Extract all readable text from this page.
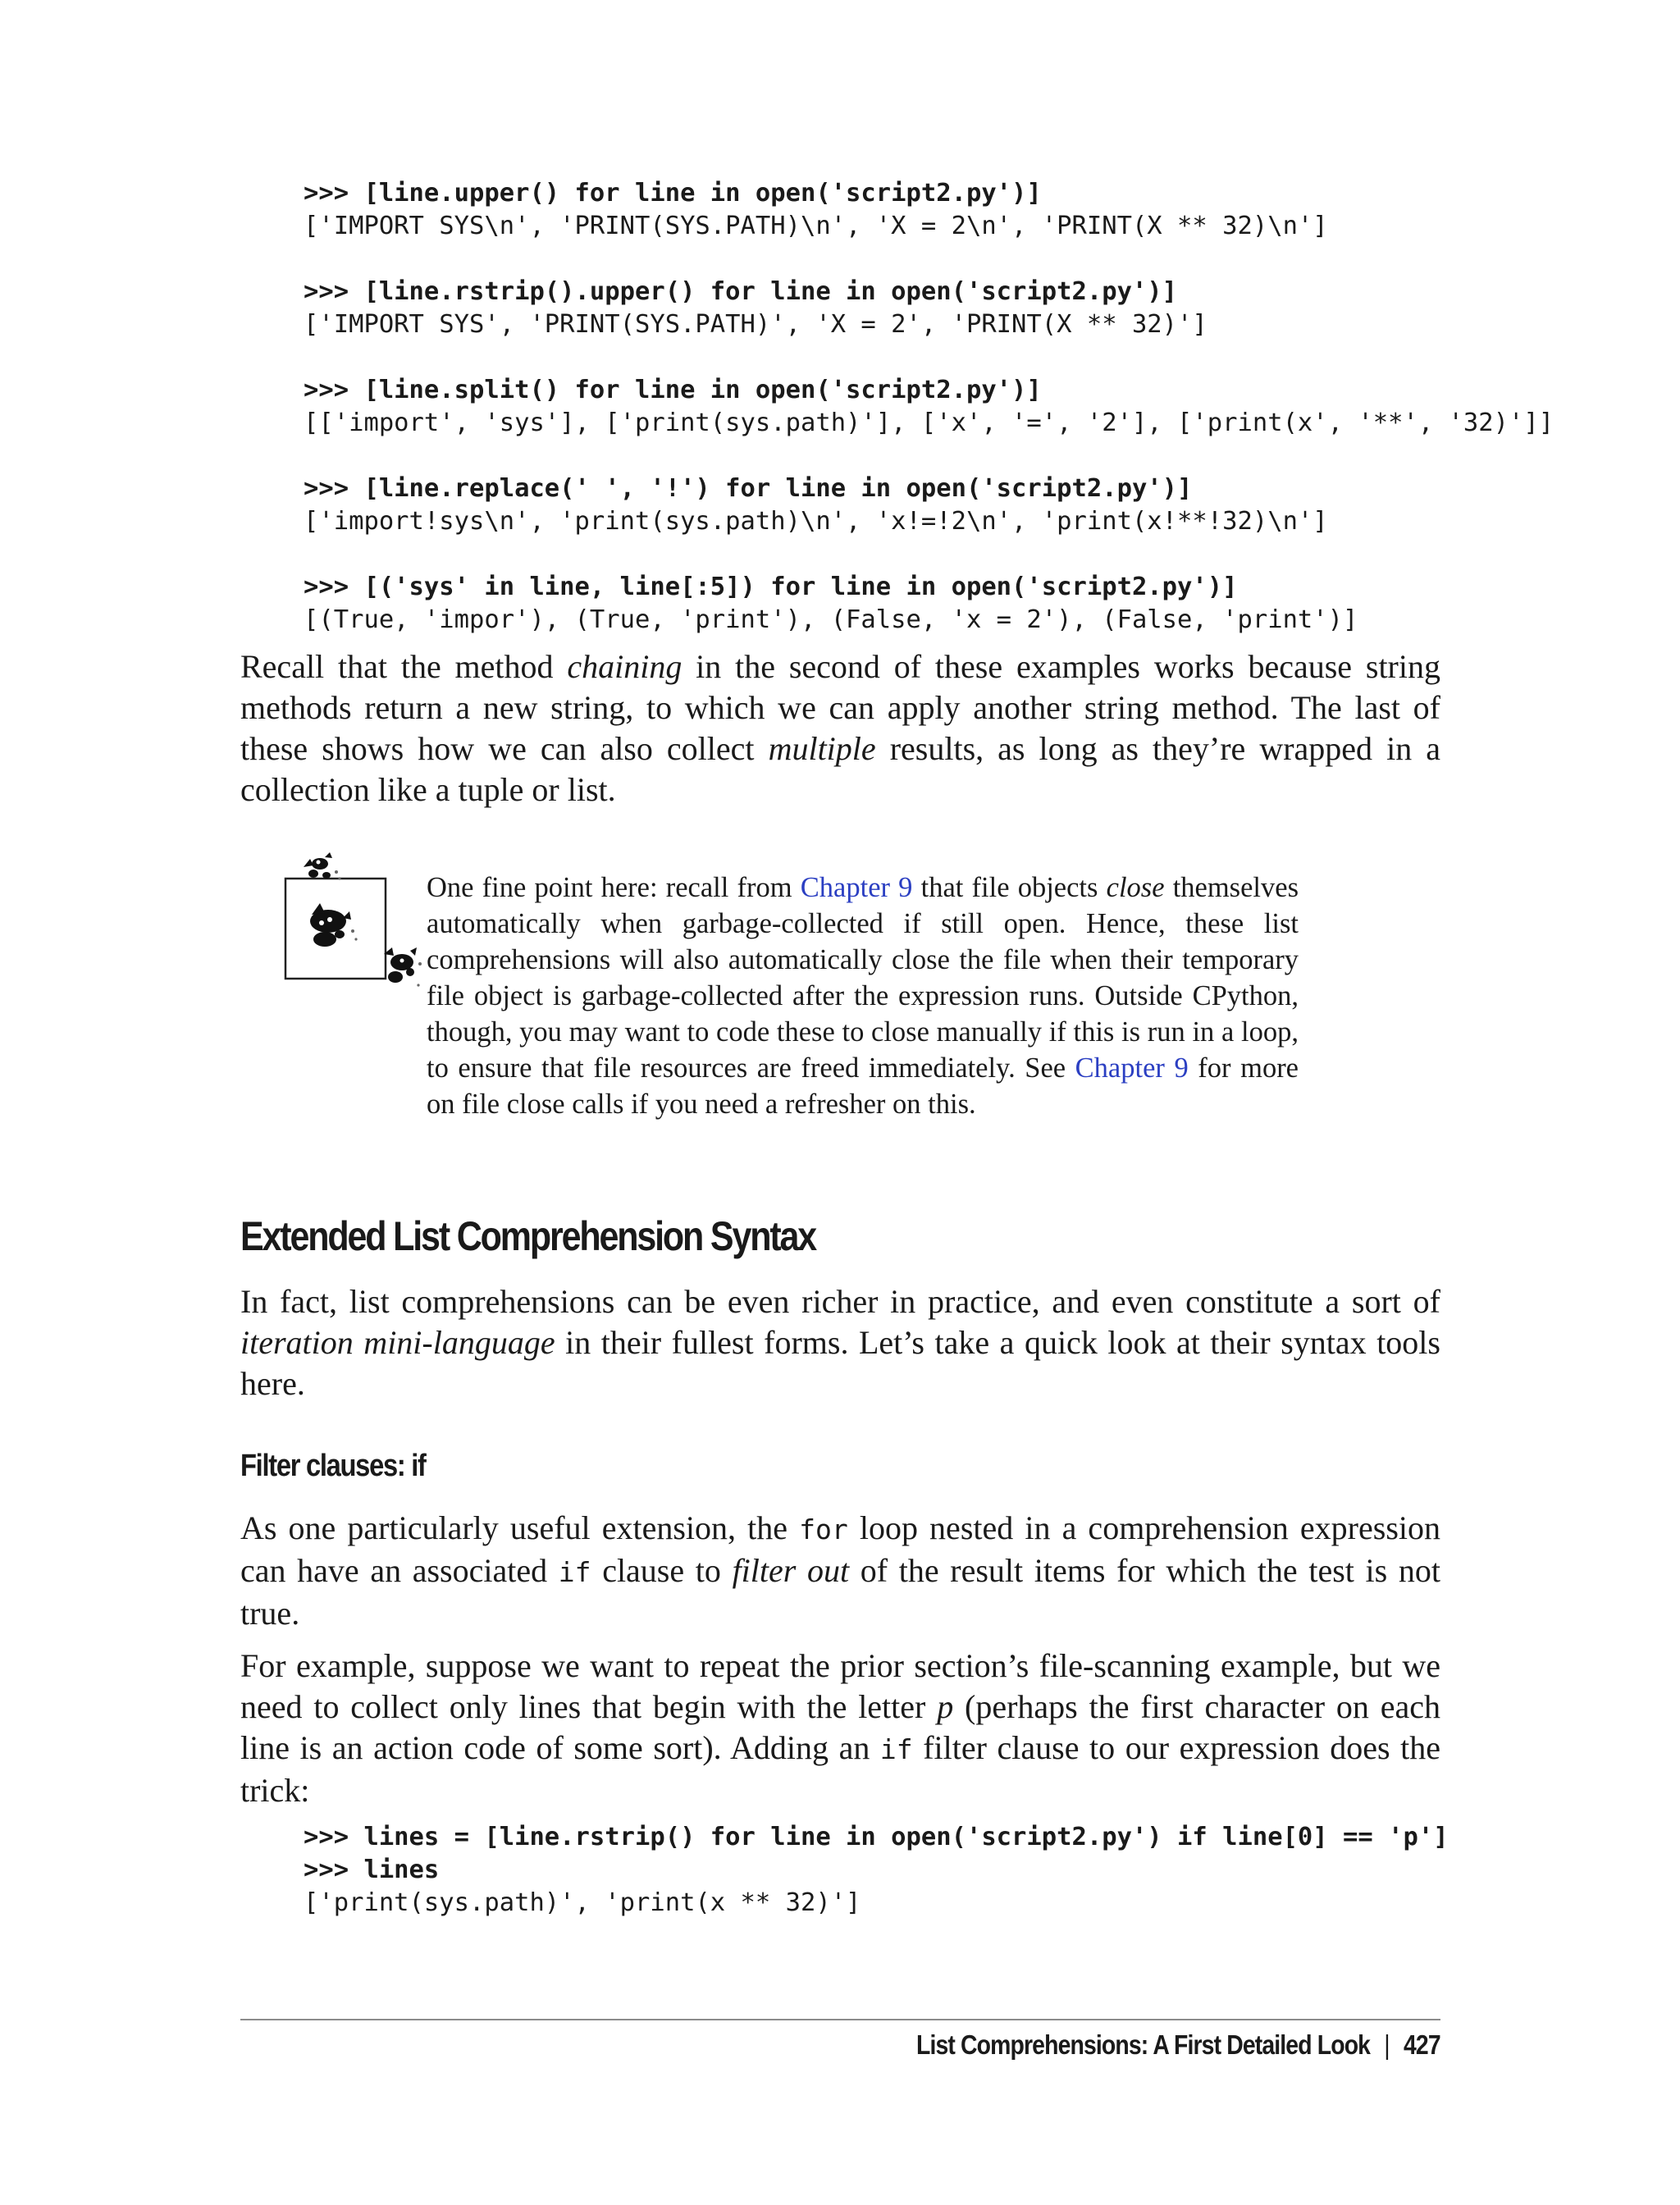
>>> [line.upper() for line in open('script2.py')]
['IMPORT SYS\n', 'PRINT(SYS.PATH)\n', 'X = 2\n', 'PRINT(X ** 32)\n']

>>> [line.rstrip().upper() for line in open('script2.py')]
['IMPORT SYS', 'PRINT(SYS.PATH)', 'X = 2', 'PRINT(X ** 32)']

>>> [line.split() for line in open('script2.py')]
[['import', 'sys'], ['print(sys.path)'], ['x', '=', '2'], ['print(x', '**', '32)']]

>>> [line.replace(' ', '!') for line in open('script2.py')]
['import!sys\n', 'print(sys.path)\n', 'x!=!2\n', 'print(x!**!32)\n']

>>> [('sys' in line, line[:5]) for line in open('script2.py')]
[(True, 'impor'), (True, 'print'), (False, 'x = 2'), (False, 'print')]

Recall that the method chaining in the second of these examples works because string methods return a new string, to which we can apply another string method. The last of these shows how we can also collect multiple results, as long as they’re wrapped in a collection like a tuple or list.

One fine point here: recall from Chapter 9 that file objects close themselves automatically when garbage-collected if still open. Hence, these list comprehensions will also automatically close the file when their temporary file object is garbage-collected after the expression runs. Outside CPython, though, you may want to code these to close manually if this is run in a loop, to ensure that file resources are freed immediately. See Chapter 9 for more on file close calls if you need a refresher on this.

Extended List Comprehension Syntax

In fact, list comprehensions can be even richer in practice, and even constitute a sort of iteration mini-language in their fullest forms. Let’s take a quick look at their syntax tools here.

Filter clauses: if

As one particularly useful extension, the for loop nested in a comprehension expression can have an associated if clause to filter out of the result items for which the test is not true.

For example, suppose we want to repeat the prior section’s file-scanning example, but we need to collect only lines that begin with the letter p (perhaps the first character on each line is an action code of some sort). Adding an if filter clause to our expression does the trick:

>>> lines = [line.rstrip() for line in open('script2.py') if line[0] == 'p']
>>> lines
['print(sys.path)', 'print(x ** 32)']
List Comprehensions: A First Detailed Look | 427
